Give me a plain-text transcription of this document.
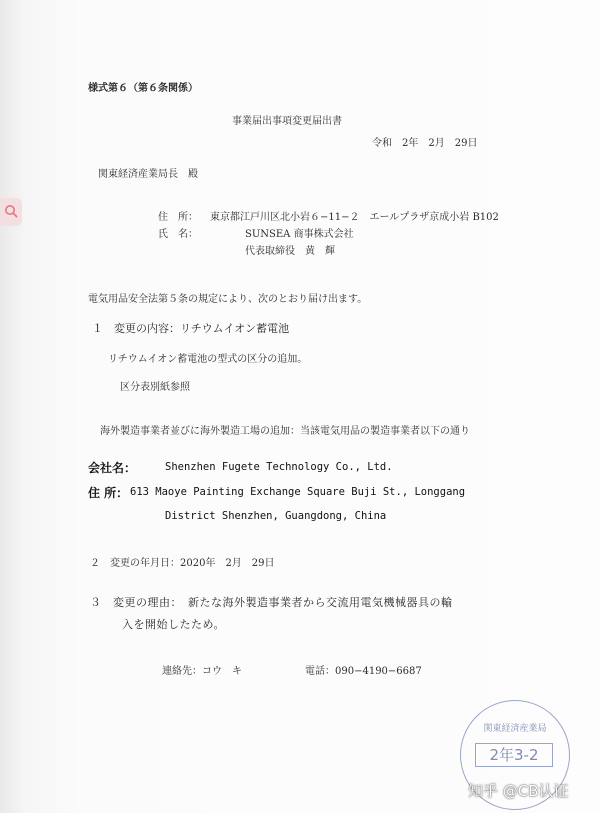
様式第６（第６条関係）
事業届出事項変更届出書
令和　2年　2月　29日
関東経済産業局長　殿
住　所： 東京都江戸川区北小岩６−11−２　エールプラザ京成小岩 B102
氏　名：	SUNSEA 商事株式会社
代表取締役　黄　輝
電気用品安全法第５条の規定により、次のとおり届け出ます。
１　変更の内容：リチウムイオン蓄電池
リチウムイオン蓄電池の型式の区分の追加。
区分表別紙参照
海外製造事業者並びに海外製造工場の追加：当該電気用品の製造事業者以下の通り
会社名：	Shenzhen Fugete Technology Co., Ltd.
住 所： 613 Maoye Painting Exchange Square Buji St., Longgang
District Shenzhen, Guangdong, China
２　変更の年月日：2020年　2月　29日
３　変更の理由：　新たな海外製造事業者から交流用電気機械器具の輸
入を開始したため。
連絡先：コウ　キ	電話：090−4190−6687
関東経済産業局
2年3-2
知乎 @CB认证
